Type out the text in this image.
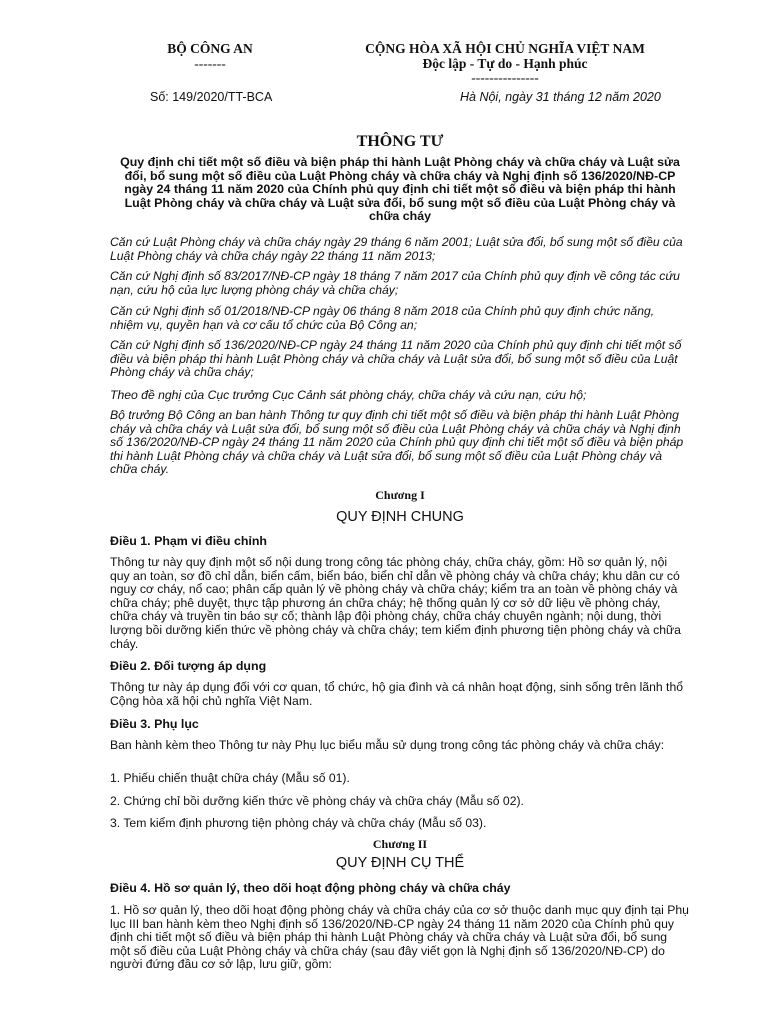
BỘ CÔNG AN
-------
CỘNG HÒA XÃ HỘI CHỦ NGHĨA VIỆT NAM
Độc lập - Tự do - Hạnh phúc
---------------
Số: 149/2020/TT-BCA	Hà Nội, ngày 31 tháng 12 năm 2020
THÔNG TƯ
Quy định chi tiết một số điều và biện pháp thi hành Luật Phòng cháy và chữa cháy và Luật sửa đổi, bổ sung một số điều của Luật Phòng cháy và chữa cháy và Nghị định số 136/2020/NĐ-CP ngày 24 tháng 11 năm 2020 của Chính phủ quy định chi tiết một số điều và biện pháp thi hành Luật Phòng cháy và chữa cháy và Luật sửa đổi, bổ sung một số điều của Luật Phòng cháy và chữa cháy
Căn cứ Luật Phòng cháy và chữa cháy ngày 29 tháng 6 năm 2001; Luật sửa đổi, bổ sung một số điều của Luật Phòng cháy và chữa cháy ngày 22 tháng 11 năm 2013;
Căn cứ Nghị định số 83/2017/NĐ-CP ngày 18 tháng 7 năm 2017 của Chính phủ quy định về công tác cứu nạn, cứu hộ của lực lượng phòng cháy và chữa cháy;
Căn cứ Nghị định số 01/2018/NĐ-CP ngày 06 tháng 8 năm 2018 của Chính phủ quy định chức năng, nhiệm vụ, quyền hạn và cơ cấu tổ chức của Bộ Công an;
Căn cứ Nghị định số 136/2020/NĐ-CP ngày 24 tháng 11 năm 2020 của Chính phủ quy định chi tiết một số điều và biện pháp thi hành Luật Phòng cháy và chữa cháy và Luật sửa đổi, bổ sung một số điều của Luật Phòng cháy và chữa cháy;
Theo đề nghị của Cục trưởng Cục Cảnh sát phòng cháy, chữa cháy và cứu nạn, cứu hộ;
Bộ trưởng Bộ Công an ban hành Thông tư quy định chi tiết một số điều và biện pháp thi hành Luật Phòng cháy và chữa cháy và Luật sửa đổi, bổ sung một số điều của Luật Phòng cháy và chữa cháy và Nghị định số 136/2020/NĐ-CP ngày 24 tháng 11 năm 2020 của Chính phủ quy định chi tiết một số điều và biện pháp thi hành Luật Phòng cháy và chữa cháy và Luật sửa đổi, bổ sung một số điều của Luật Phòng cháy và chữa cháy.
Chương I
QUY ĐỊNH CHUNG
Điều 1. Phạm vi điều chỉnh
Thông tư này quy định một số nội dung trong công tác phòng cháy, chữa cháy, gồm: Hồ sơ quản lý, nội quy an toàn, sơ đồ chỉ dẫn, biển cấm, biển báo, biển chỉ dẫn về phòng cháy và chữa cháy; khu dân cư có nguy cơ cháy, nổ cao; phân cấp quản lý về phòng cháy và chữa cháy; kiểm tra an toàn về phòng cháy và chữa cháy; phê duyệt, thực tập phương án chữa cháy; hệ thống quản lý cơ sở dữ liệu về phòng cháy, chữa cháy và truyền tin báo sự cố; thành lập đội phòng cháy, chữa cháy chuyên ngành; nội dung, thời lượng bồi dưỡng kiến thức về phòng cháy và chữa cháy; tem kiểm định phương tiện phòng cháy và chữa cháy.
Điều 2. Đối tượng áp dụng
Thông tư này áp dụng đối với cơ quan, tổ chức, hộ gia đình và cá nhân hoạt động, sinh sống trên lãnh thổ Cộng hòa xã hội chủ nghĩa Việt Nam.
Điều 3. Phụ lục
Ban hành kèm theo Thông tư này Phụ lục biểu mẫu sử dụng trong công tác phòng cháy và chữa cháy:
1. Phiếu chiến thuật chữa cháy (Mẫu số 01).
2. Chứng chỉ bồi dưỡng kiến thức về phòng cháy và chữa cháy (Mẫu số 02).
3. Tem kiểm định phương tiện phòng cháy và chữa cháy (Mẫu số 03).
Chương II
QUY ĐỊNH CỤ THỂ
Điều 4. Hồ sơ quản lý, theo dõi hoạt động phòng cháy và chữa cháy
1. Hồ sơ quản lý, theo dõi hoạt động phòng cháy và chữa cháy của cơ sở thuộc danh mục quy định tại Phụ lục III ban hành kèm theo Nghị định số 136/2020/NĐ-CP ngày 24 tháng 11 năm 2020 của Chính phủ quy định chi tiết một số điều và biện pháp thi hành Luật Phòng cháy và chữa cháy và Luật sửa đổi, bổ sung một số điều của Luật Phòng cháy và chữa cháy (sau đây viết gọn là Nghị định số 136/2020/NĐ-CP) do người đứng đầu cơ sở lập, lưu giữ, gồm:
